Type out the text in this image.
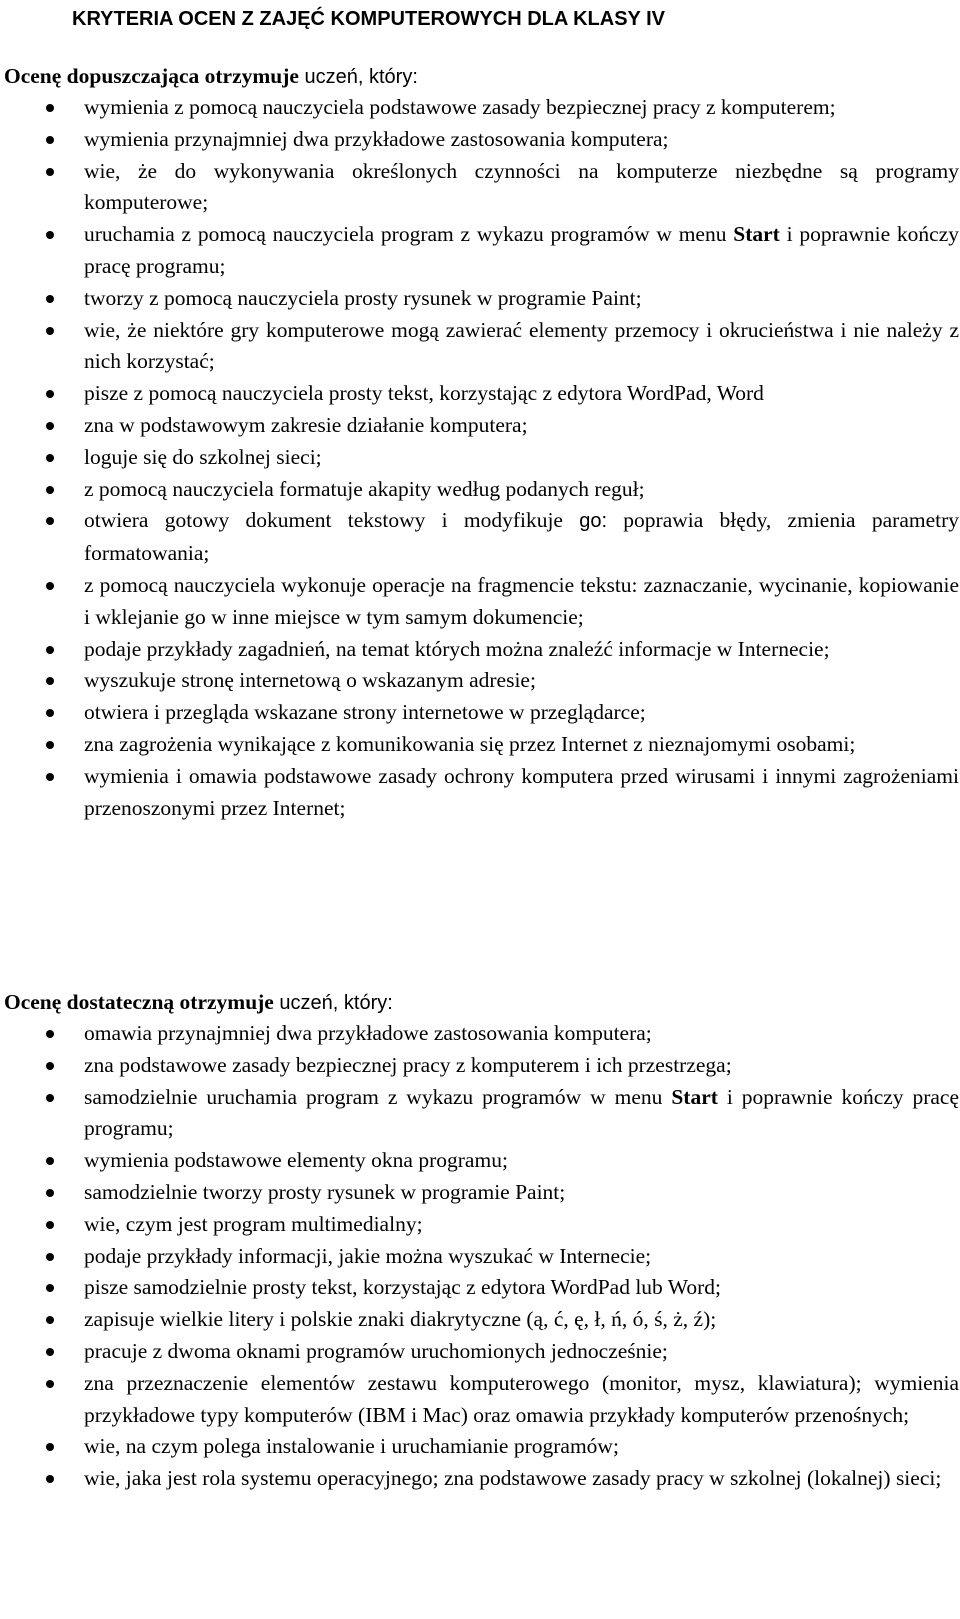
KRYTERIA OCEN Z ZAJĘĆ KOMPUTEROWYCH DLA KLASY IV
Ocenę dopuszczająca otrzymuje uczeń, który:
wymienia z pomocą nauczyciela podstawowe zasady bezpiecznej pracy z komputerem;
wymienia przynajmniej dwa przykładowe zastosowania komputera;
wie, że do wykonywania określonych czynności na komputerze niezbędne są programy komputerowe;
uruchamia z pomocą nauczyciela program z wykazu programów w menu Start i poprawnie kończy pracę programu;
tworzy z pomocą nauczyciela prosty rysunek w programie Paint;
wie, że niektóre gry komputerowe mogą zawierać elementy przemocy i okrucieństwa i nie należy z nich korzystać;
pisze z pomocą nauczyciela prosty tekst, korzystając z edytora WordPad, Word
zna w podstawowym zakresie działanie komputera;
loguje się do szkolnej sieci;
z pomocą nauczyciela formatuje akapity według podanych reguł;
otwiera gotowy dokument tekstowy i modyfikuje go: poprawia błędy, zmienia parametry formatowania;
z pomocą nauczyciela wykonuje operacje na fragmencie tekstu: zaznaczanie, wycinanie, kopiowanie i wklejanie go w inne miejsce w tym samym dokumencie;
podaje przykłady zagadnień, na temat których można znaleźć informacje w Internecie;
wyszukuje stronę internetową o wskazanym adresie;
otwiera i przegląda wskazane strony internetowe w przeglądarce;
zna zagrożenia wynikające z komunikowania się przez Internet z nieznajomymi osobami;
wymienia i omawia podstawowe zasady ochrony komputera przed wirusami i innymi zagrożeniami przenoszonymi przez Internet;
Ocenę dostateczną otrzymuje uczeń, który:
omawia przynajmniej dwa przykładowe zastosowania komputera;
zna podstawowe zasady bezpiecznej pracy z komputerem i ich przestrzega;
samodzielnie uruchamia program z wykazu programów w menu Start i poprawnie kończy pracę programu;
wymienia podstawowe elementy okna programu;
samodzielnie tworzy prosty rysunek w programie Paint;
wie, czym jest program multimedialny;
podaje przykłady informacji, jakie można wyszukać w Internecie;
pisze samodzielnie prosty tekst, korzystając z edytora WordPad lub Word;
zapisuje wielkie litery i polskie znaki diakrytyczne (ą, ć, ę, ł, ń, ó, ś, ż, ź);
pracuje z dwoma oknami programów uruchomionych jednocześnie;
zna przeznaczenie elementów zestawu komputerowego (monitor, mysz, klawiatura); wymienia przykładowe typy komputerów (IBM i Mac) oraz omawia przykłady komputerów przenośnych;
wie, na czym polega instalowanie i uruchamianie programów;
wie, jaka jest rola systemu operacyjnego; zna podstawowe zasady pracy w szkolnej (lokalnej) sieci;
